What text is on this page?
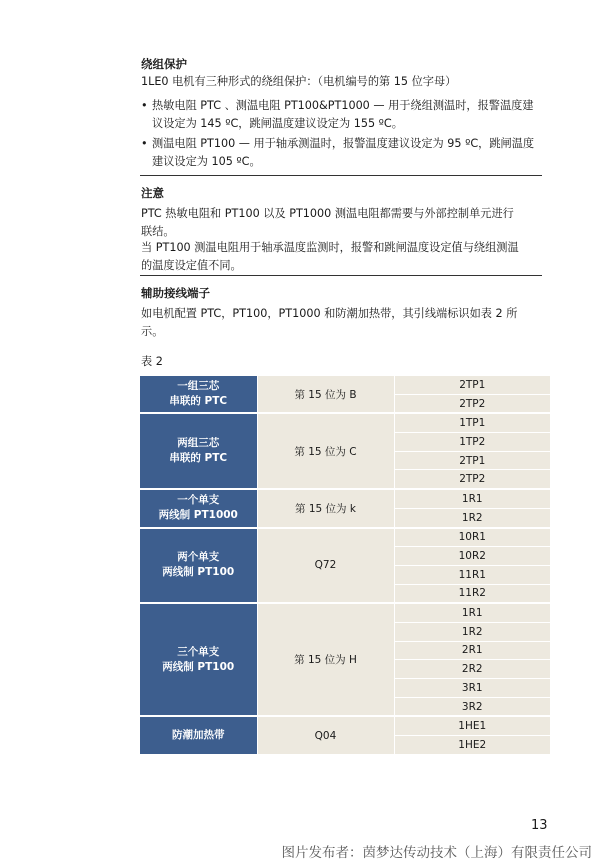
绕组保护
1LE0 电机有三种形式的绕组保护：（电机编号的第 15 位字母）
• 热敏电阻 PTC 、测温电阻 PT100&PT1000 — 用于绕组测温时，报警温度建
议设定为 145 ºC，跳闸温度建议设定为 155 ºC。
• 测温电阻 PT100 — 用于轴承测温时，报警温度建议设定为 95 ºC，跳闸温度
建议设定为 105 ºC。
注意
PTC 热敏电阻和 PT100 以及 PT1000 测温电阻都需要与外部控制单元进行
联结。
当 PT100 测温电阻用于轴承温度监测时，报警和跳闸温度设定值与绕组测温
的温度设定值不同。
辅助接线端子
如电机配置 PTC，PT100，PT1000 和防潮加热带，其引线端标识如表 2 所
示。
表 2
一组三芯
串联的 PTC	第 15 位为 B	2TP1
		2TP2

两组三芯
串联的 PTC	第 15 位为 C	1TP1
		1TP2
		2TP1
		2TP2

一个单支
两线制 PT1000	第 15 位为 k	1R1
		1R2

两个单支
两线制 PT100	Q72	10R1
		10R2
		11R1
		11R2

三个单支
两线制 PT100	第 15 位为 H	1R1
		1R2
		2R1
		2R2
		3R1
		3R2

防潮加热带	Q04	1HE1
		1HE2
13
图片发布者：茵梦达传动技术（上海）有限责任公司
